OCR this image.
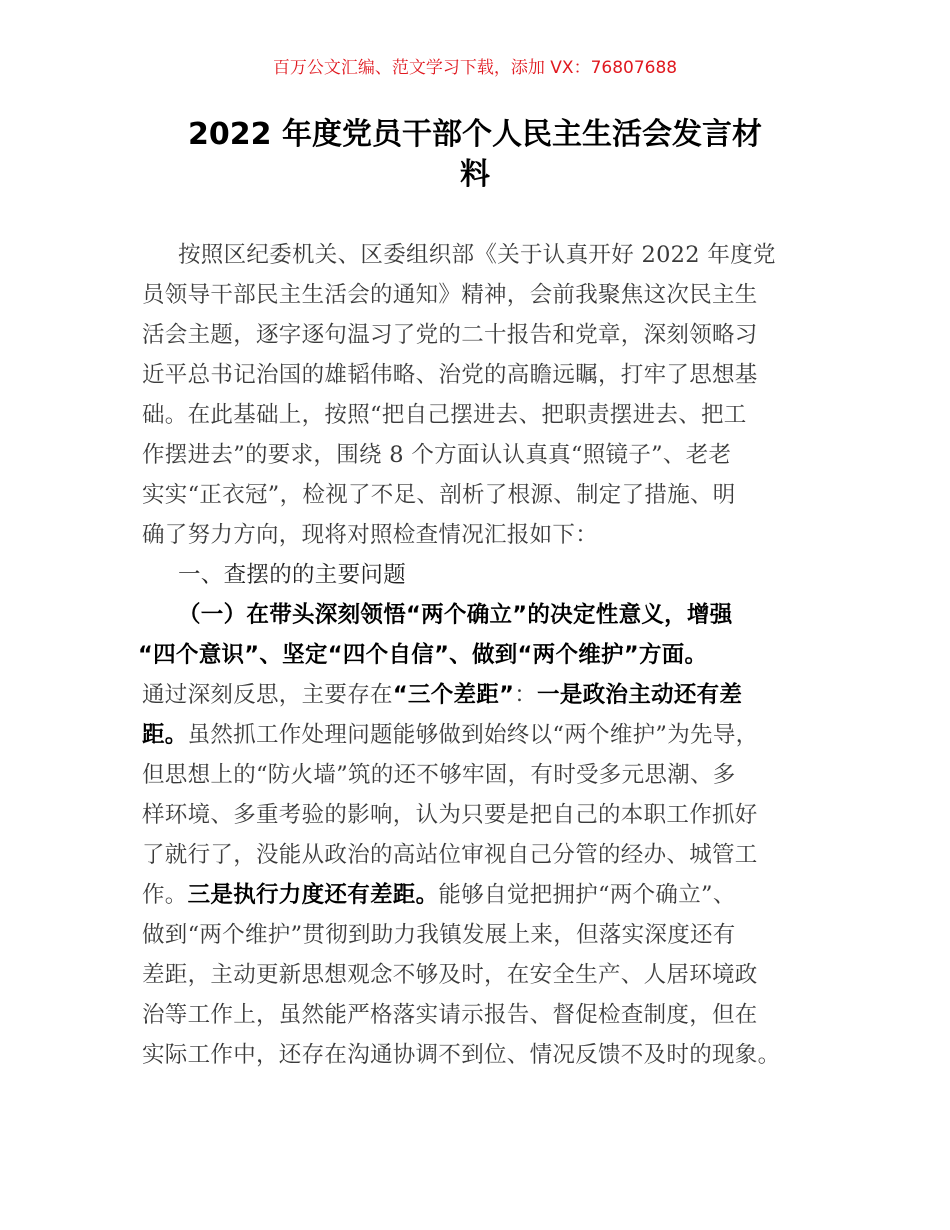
百万公文汇编、范文学习下载，添加 VX：76807688
2022 年度党员干部个人民主生活会发言材
料
按照区纪委机关、区委组织部《关于认真开好 2022 年度党
员领导干部民主生活会的通知》精神，会前我聚焦这次民主生
活会主题，逐字逐句温习了党的二十报告和党章，深刻领略习
近平总书记治国的雄韬伟略、治党的高瞻远瞩，打牢了思想基
础。在此基础上，按照“把自己摆进去、把职责摆进去、把工
作摆进去”的要求，围绕 8 个方面认认真真“照镜子”、老老
实实“正衣冠”，检视了不足、剖析了根源、制定了措施、明
确了努力方向，现将对照检查情况汇报如下：
一、查摆的的主要问题
（一）在带头深刻领悟“两个确立”的决定性意义，增强
“四个意识”、坚定“四个自信”、做到“两个维护”方面。
通过深刻反思，主要存在“三个差距”：一是政治主动还有差
距。虽然抓工作处理问题能够做到始终以“两个维护”为先导，
但思想上的“防火墙”筑的还不够牢固，有时受多元思潮、多
样环境、多重考验的影响，认为只要是把自己的本职工作抓好
了就行了，没能从政治的高站位审视自己分管的经办、城管工
作。三是执行力度还有差距。能够自觉把拥护“两个确立”、
做到“两个维护”贯彻到助力我镇发展上来，但落实深度还有
差距，主动更新思想观念不够及时，在安全生产、人居环境政
治等工作上，虽然能严格落实请示报告、督促检查制度，但在
实际工作中，还存在沟通协调不到位、情况反馈不及时的现象。
